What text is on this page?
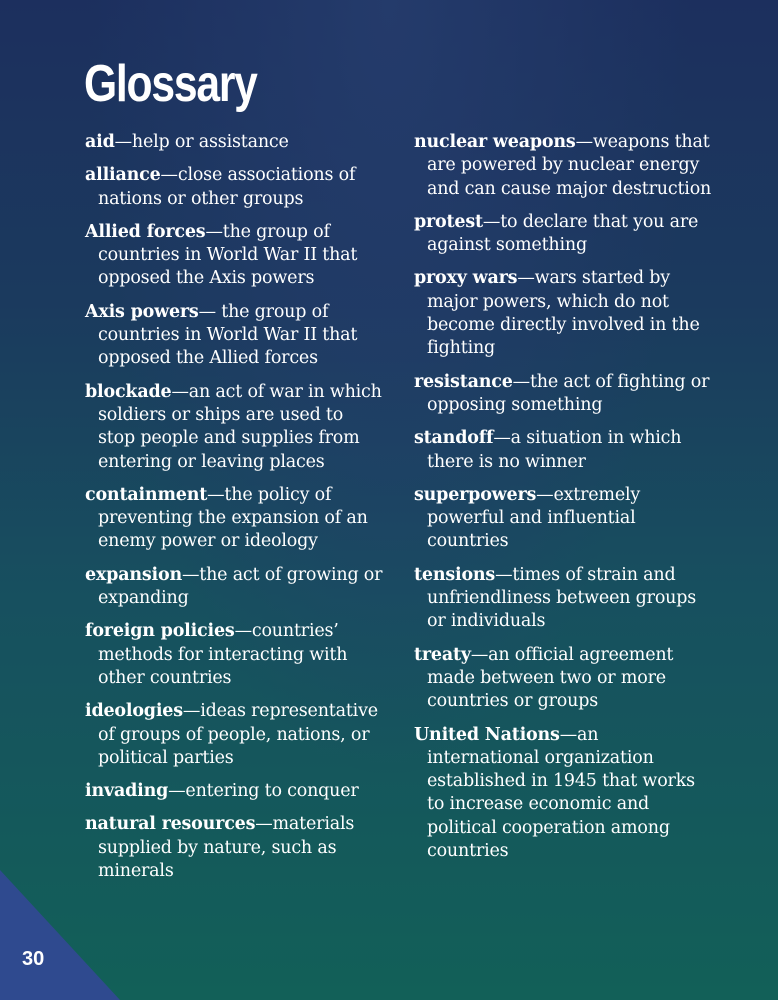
Glossary

aid—help or assistance

alliance—close associations of nations or other groups

Allied forces—the group of countries in World War II that opposed the Axis powers

Axis powers— the group of countries in World War II that opposed the Allied forces

blockade—an act of war in which soldiers or ships are used to stop people and supplies from entering or leaving places

containment—the policy of preventing the expansion of an enemy power or ideology

expansion—the act of growing or expanding

foreign policies—countries’ methods for interacting with other countries

ideologies—ideas representative of groups of people, nations, or political parties

invading—entering to conquer

natural resources—materials supplied by nature, such as minerals

nuclear weapons—weapons that are powered by nuclear energy and can cause major destruction

protest—to declare that you are against something

proxy wars—wars started by major powers, which do not become directly involved in the fighting

resistance—the act of fighting or opposing something

standoff—a situation in which there is no winner

superpowers—extremely powerful and influential countries

tensions—times of strain and unfriendliness between groups or individuals

treaty—an official agreement made between two or more countries or groups

United Nations—an international organization established in 1945 that works to increase economic and political cooperation among countries

30
